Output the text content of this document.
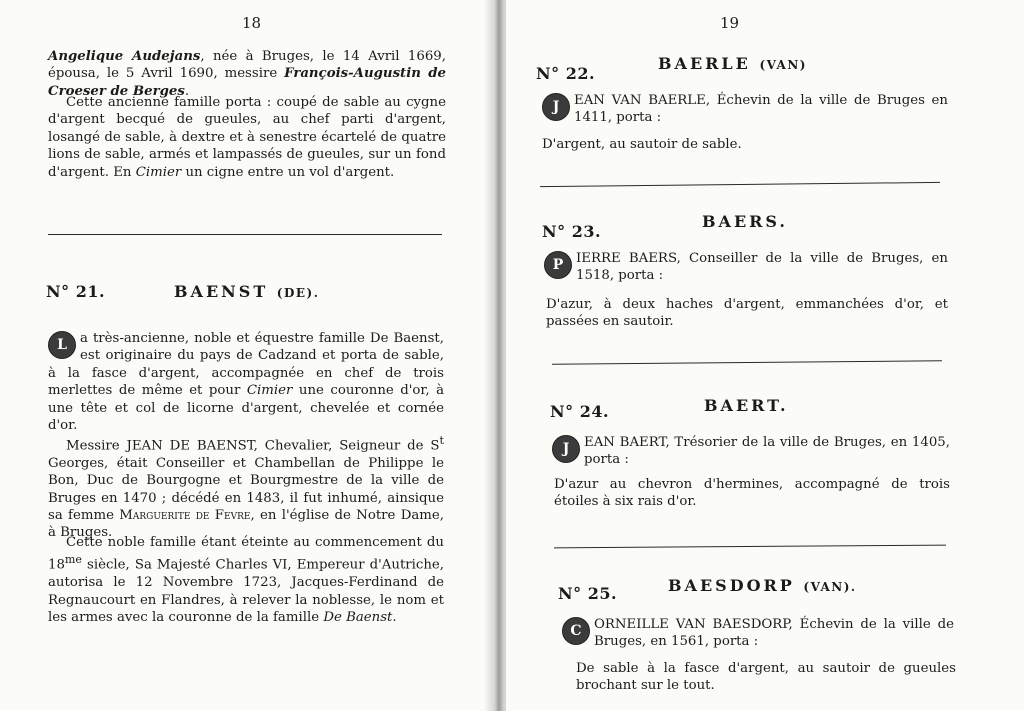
18

Angelique Audejans, née à Bruges, le 14 Avril 1669, épousa, le 5 Avril 1690, messire François-Augustin de Croeser de Berges.

Cette ancienne famille porta : coupé de sable au cygne d'argent becqué de gueules, au chef parti d'argent, losangé de sable, à dextre et à senestre écartelé de quatre lions de sable, armés et lampassés de gueules, sur un fond d'argent. En Cimier un cigne entre un vol d'argent.

N° 21.	BAENST (DE).

L a très-ancienne, noble et équestre famille De Baenst, est originaire du pays de Cadzand et porta de sable, à la fasce d'argent, accompagnée en chef de trois merlettes de même et pour Cimier une couronne d'or, à une tête et col de licorne d'argent, chevelée et cornée d'or.

Messire JEAN DE BAENST, Chevalier, Seigneur de $S^t$ Georges, était Conseiller et Chambellan de Philippe le Bon, Duc de Bourgogne et Bourgmestre de la ville de Bruges en 1470 ; décédé en 1483, il fut inhumé, ainsique sa femme Marguerite de Fevre, en l'église de Notre Dame, à Bruges.

Cette noble famille étant éteinte au commencement du $18^{me}$ siècle, Sa Majesté Charles VI, Empereur d'Autriche, autorisa le 12 Novembre 1723, Jacques-Ferdinand de Regnaucourt en Flandres, à relever la noblesse, le nom et les armes avec la couronne de la famille De Baenst.

19
N° 22.
BAERLE (VAN)

J	EAN VAN BAERLE, Échevin de la ville de Bruges en 1411, porta :

D'argent, au sautoir de sable.

N° 23.
BAERS.

P IERRE BAERS, Conseiller de la ville de Bruges, en 1518, porta :

D'azur, à deux haches d'argent, emmanchées d'or, et passées en sautoir.

N° 24.	BAERT.

J	EAN BAERT, Trésorier de la ville de Bruges, en 1405, porta :

D'azur au chevron d'hermines, accompagné de trois étoiles à six rais d'or.

N° 25.	BAESDORP (VAN).

C ORNEILLE VAN BAESDORP, Échevin de la ville de Bruges, en 1561, porta :

De sable à la fasce d'argent, au sautoir de gueules brochant sur le tout.
